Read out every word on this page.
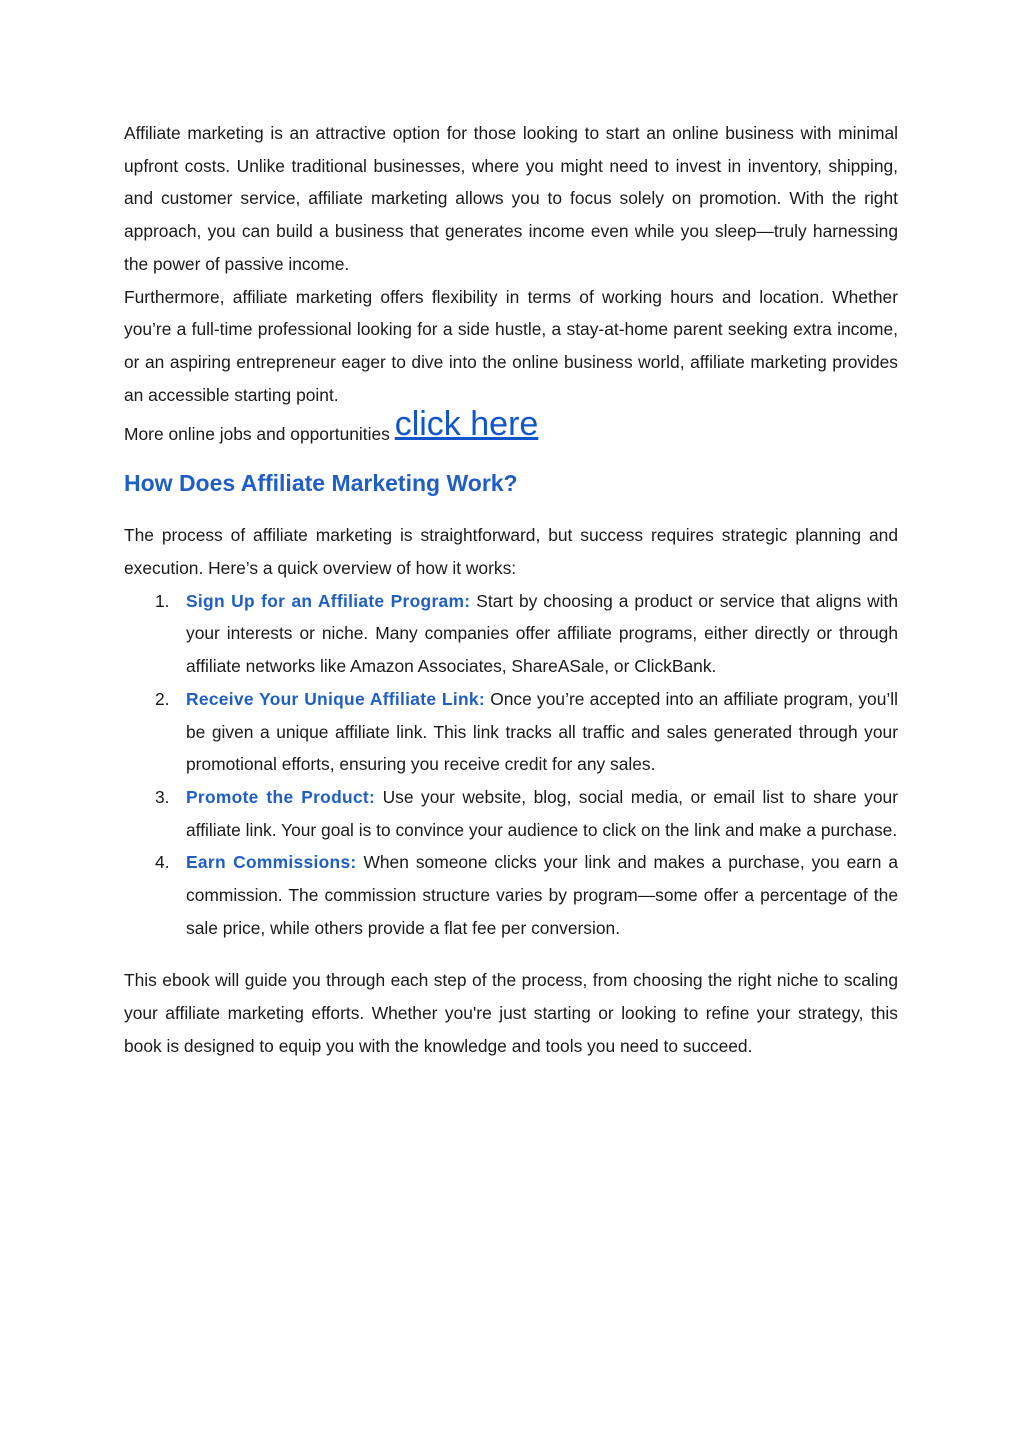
Affiliate marketing is an attractive option for those looking to start an online business with minimal upfront costs. Unlike traditional businesses, where you might need to invest in inventory, shipping, and customer service, affiliate marketing allows you to focus solely on promotion. With the right approach, you can build a business that generates income even while you sleep—truly harnessing the power of passive income.

Furthermore, affiliate marketing offers flexibility in terms of working hours and location. Whether you’re a full-time professional looking for a side hustle, a stay-at-home parent seeking extra income, or an aspiring entrepreneur eager to dive into the online business world, affiliate marketing provides an accessible starting point.

More online jobs and opportunities click here

How Does Affiliate Marketing Work?

The process of affiliate marketing is straightforward, but success requires strategic planning and execution. Here’s a quick overview of how it works:

1. Sign Up for an Affiliate Program: Start by choosing a product or service that aligns with your interests or niche. Many companies offer affiliate programs, either directly or through affiliate networks like Amazon Associates, ShareASale, or ClickBank.
2. Receive Your Unique Affiliate Link: Once you’re accepted into an affiliate program, you’ll be given a unique affiliate link. This link tracks all traffic and sales generated through your promotional efforts, ensuring you receive credit for any sales.
3. Promote the Product: Use your website, blog, social media, or email list to share your affiliate link. Your goal is to convince your audience to click on the link and make a purchase.
4. Earn Commissions: When someone clicks your link and makes a purchase, you earn a commission. The commission structure varies by program—some offer a percentage of the sale price, while others provide a flat fee per conversion.

This ebook will guide you through each step of the process, from choosing the right niche to scaling your affiliate marketing efforts. Whether you're just starting or looking to refine your strategy, this book is designed to equip you with the knowledge and tools you need to succeed.
